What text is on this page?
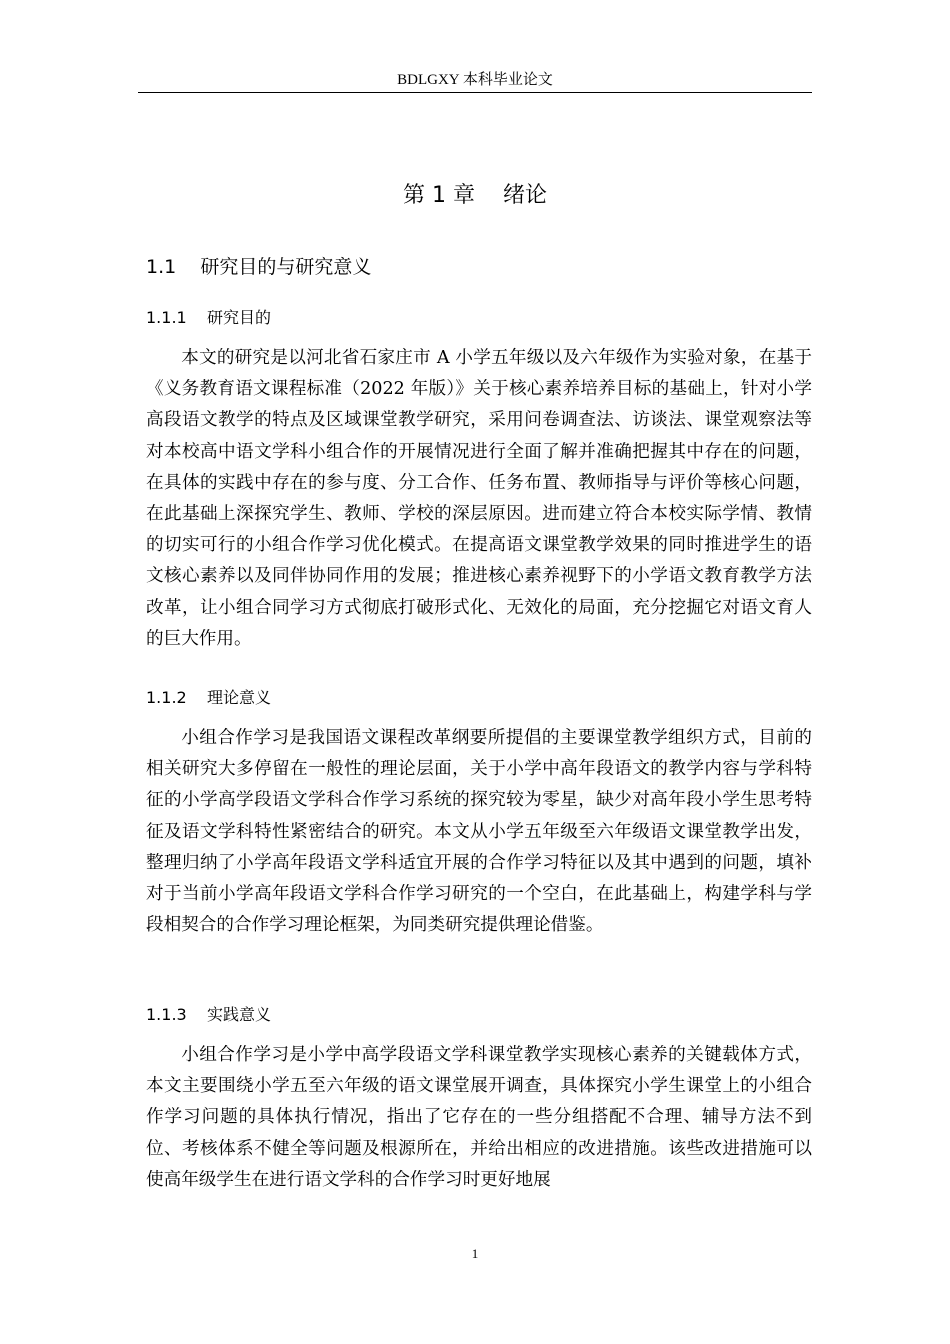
BDLGXY 本科毕业论文
第 1 章    绪论
1.1    研究目的与研究意义
1.1.1    研究目的

本文的研究是以河北省石家庄市 A 小学五年级以及六年级作为实验对象，在基于《义务教育语文课程标准（2022 年版）》关于核心素养培养目标的基础上，针对小学高段语文教学的特点及区域课堂教学研究，采用问卷调查法、访谈法、课堂观察法等对本校高中语文学科小组合作的开展情况进行全面了解并准确把握其中存在的问题，在具体的实践中存在的参与度、分工合作、任务布置、教师指导与评价等核心问题，在此基础上深探究学生、教师、学校的深层原因。进而建立符合本校实际学情、教情的切实可行的小组合作学习优化模式。在提高语文课堂教学效果的同时推进学生的语文核心素养以及同伴协同作用的发展；推进核心素养视野下的小学语文教育教学方法改革，让小组合同学习方式彻底打破形式化、无效化的局面，充分挖掘它对语文育人的巨大作用。

1.1.2    理论意义

小组合作学习是我国语文课程改革纲要所提倡的主要课堂教学组织方式，目前的相关研究大多停留在一般性的理论层面，关于小学中高年段语文的教学内容与学科特征的小学高学段语文学科合作学习系统的探究较为零星，缺少对高年段小学生思考特征及语文学科特性紧密结合的研究。本文从小学五年级至六年级语文课堂教学出发，整理归纳了小学高年段语文学科适宜开展的合作学习特征以及其中遇到的问题，填补对于当前小学高年段语文学科合作学习研究的一个空白，在此基础上，构建学科与学段相契合的合作学习理论框架，为同类研究提供理论借鉴。

1.1.3    实践意义

小组合作学习是小学中高学段语文学科课堂教学实现核心素养的关键载体方式，本文主要围绕小学五至六年级的语文课堂展开调查，具体探究小学生课堂上的小组合作学习问题的具体执行情况，指出了它存在的一些分组搭配不合理、辅导方法不到位、考核体系不健全等问题及根源所在，并给出相应的改进措施。该些改进措施可以使高年级学生在进行语文学科的合作学习时更好地展

1
